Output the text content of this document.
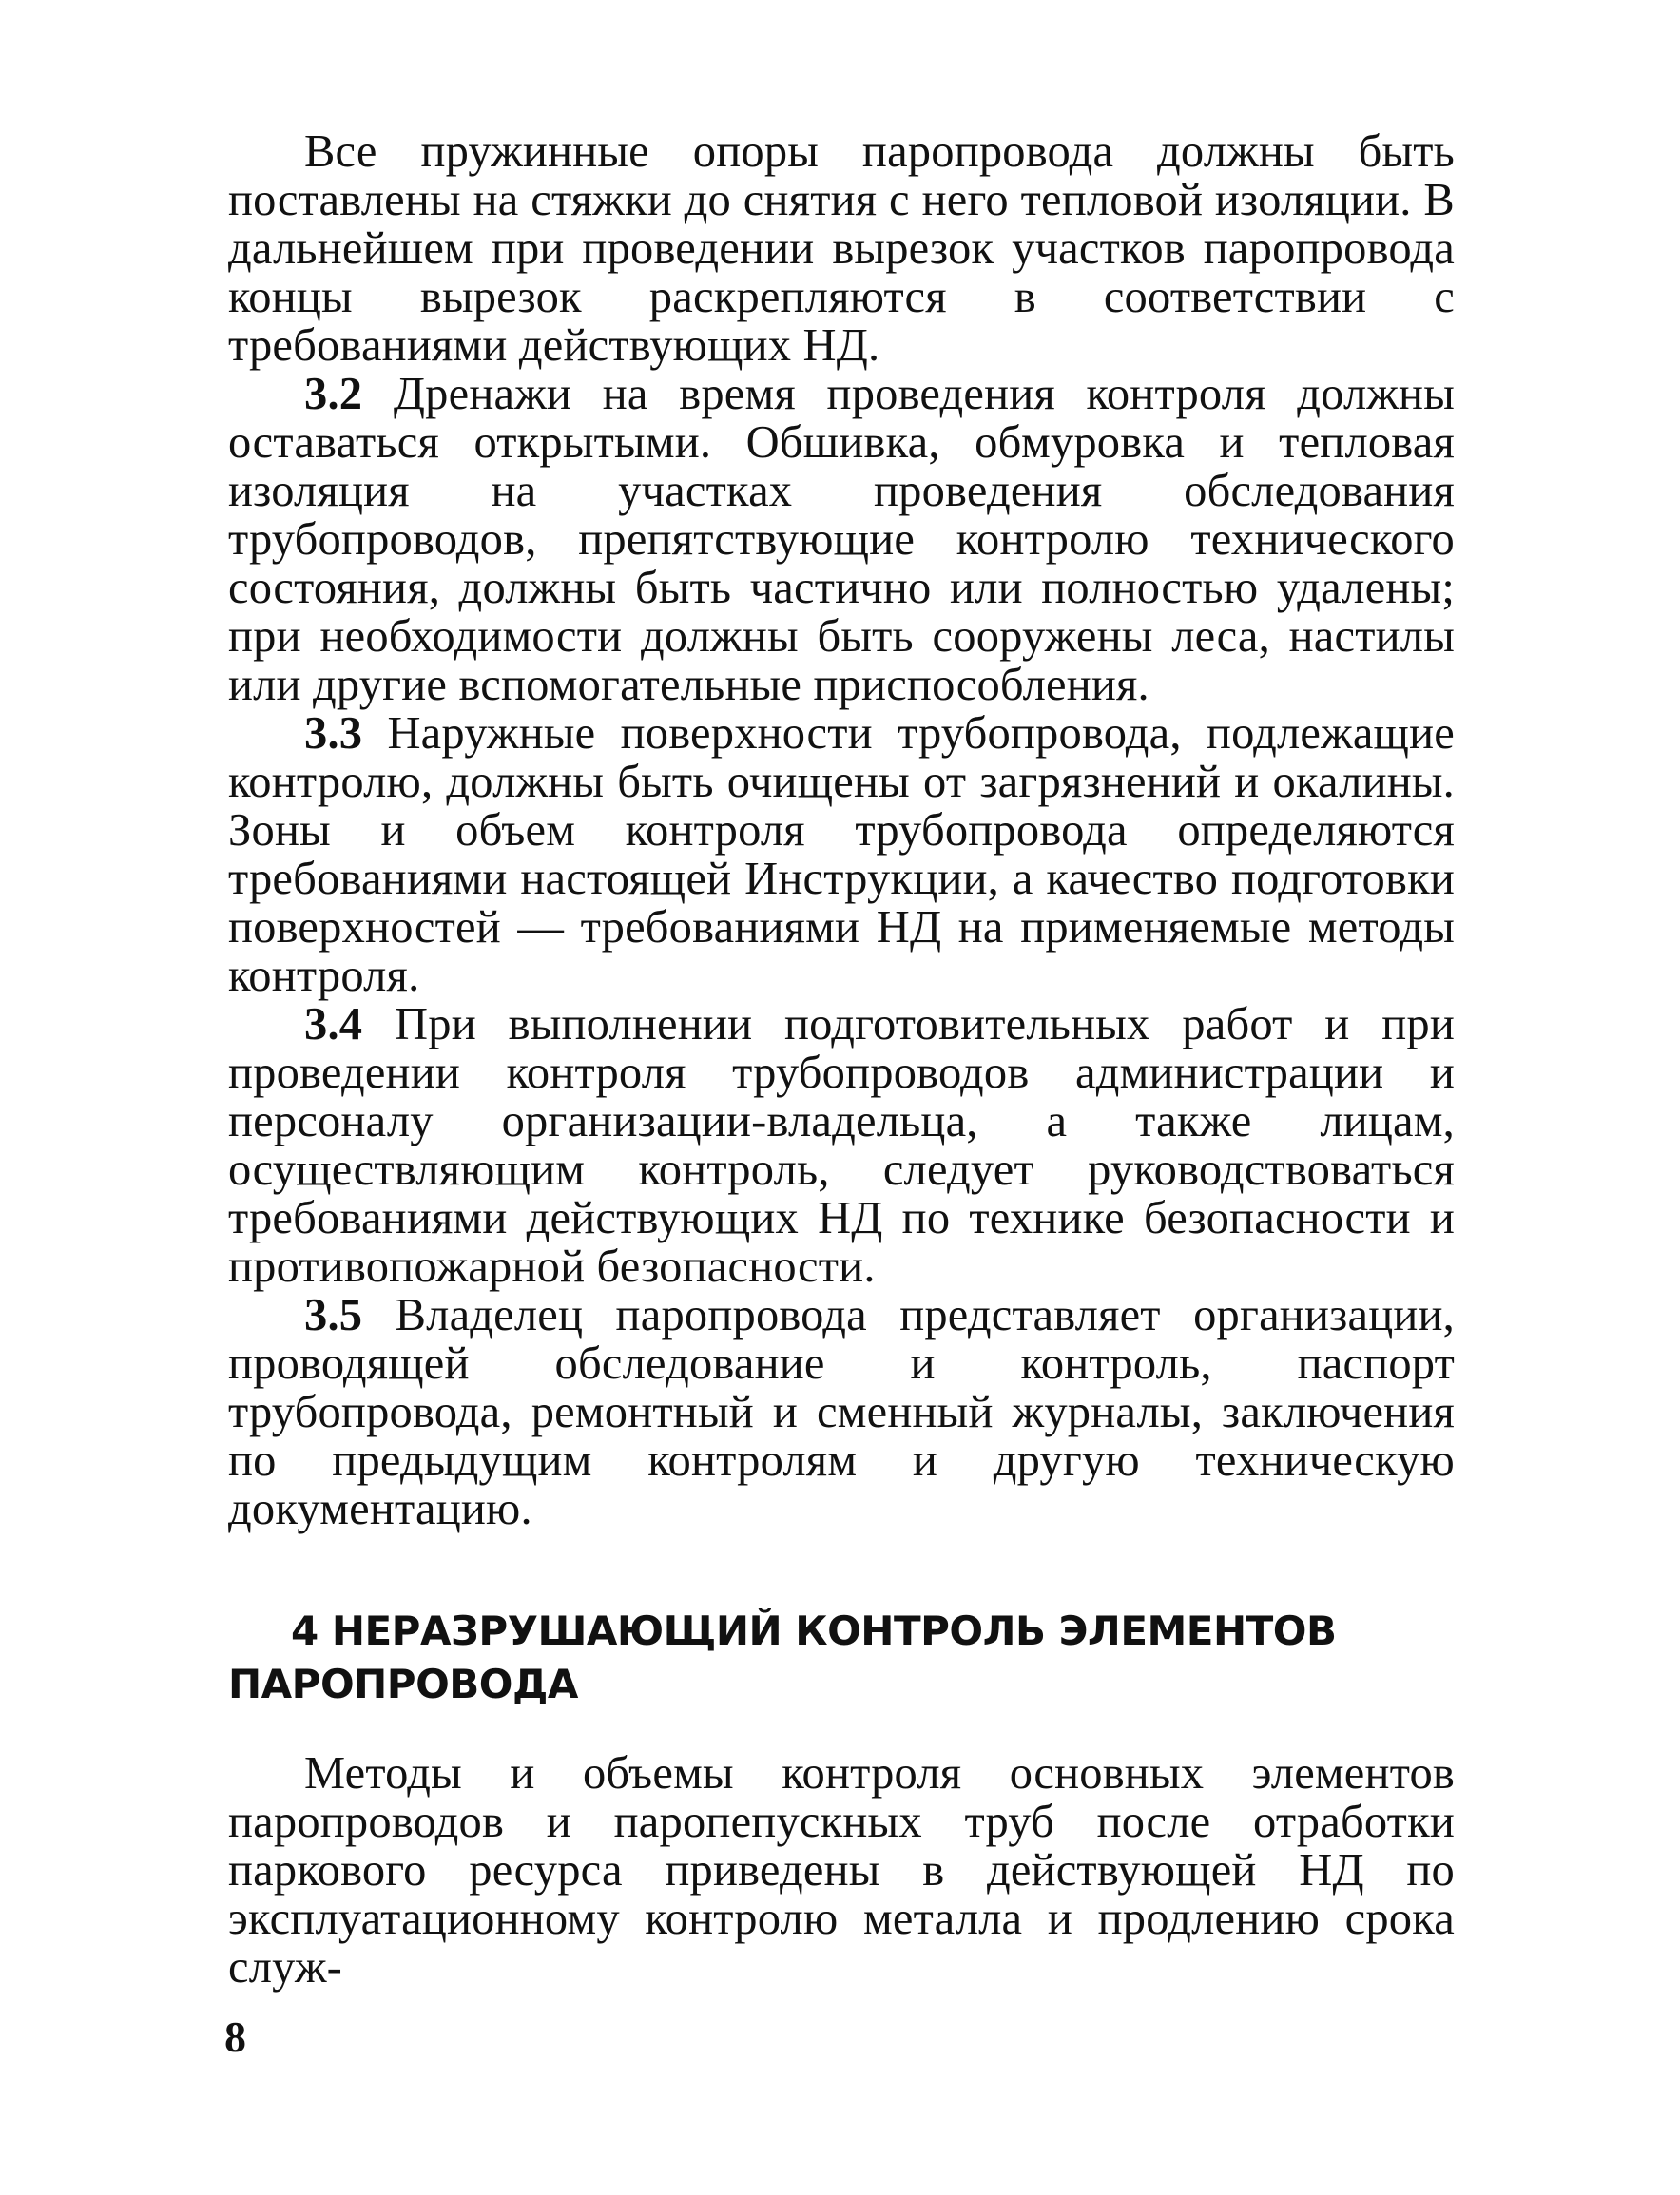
Все пружинные опоры паропровода должны быть поставлены на стяжки до снятия с него тепловой изоляции. В дальнейшем при проведении вырезок участков паропровода концы вырезок раскрепляются в соответствии с требованиями действующих НД.

3.2 Дренажи на время проведения контроля должны оставаться открытыми. Обшивка, обмуровка и тепловая изоляция на участках проведения обследования трубопроводов, препятствующие контролю технического состояния, должны быть частично или полностью удалены; при необходимости должны быть сооружены леса, настилы или другие вспомогательные приспособления.

3.3 Наружные поверхности трубопровода, подлежащие контролю, должны быть очищены от загрязнений и окалины. Зоны и объем контроля трубопровода определяются требованиями настоящей Инструкции, а качество подготовки поверхностей — требованиями НД на применяемые методы контроля.

3.4 При выполнении подготовительных работ и при проведении контроля трубопроводов администрации и персоналу организации-владельца, а также лицам, осуществляющим контроль, следует руководствоваться требованиями действующих НД по технике безопасности и противопожарной безопасности.

3.5 Владелец паропровода представляет организации, проводящей обследование и контроль, паспорт трубопровода, ремонтный и сменный журналы, заключения по предыдущим контролям и другую техническую документацию.

4 НЕРАЗРУШАЮЩИЙ КОНТРОЛЬ ЭЛЕМЕНТОВ ПАРОПРОВОДА

Методы и объемы контроля основных элементов паропроводов и паропепускных труб после отработки паркового ресурса приведены в действующей НД по эксплуатационному контролю металла и продлению срока служ-

8
